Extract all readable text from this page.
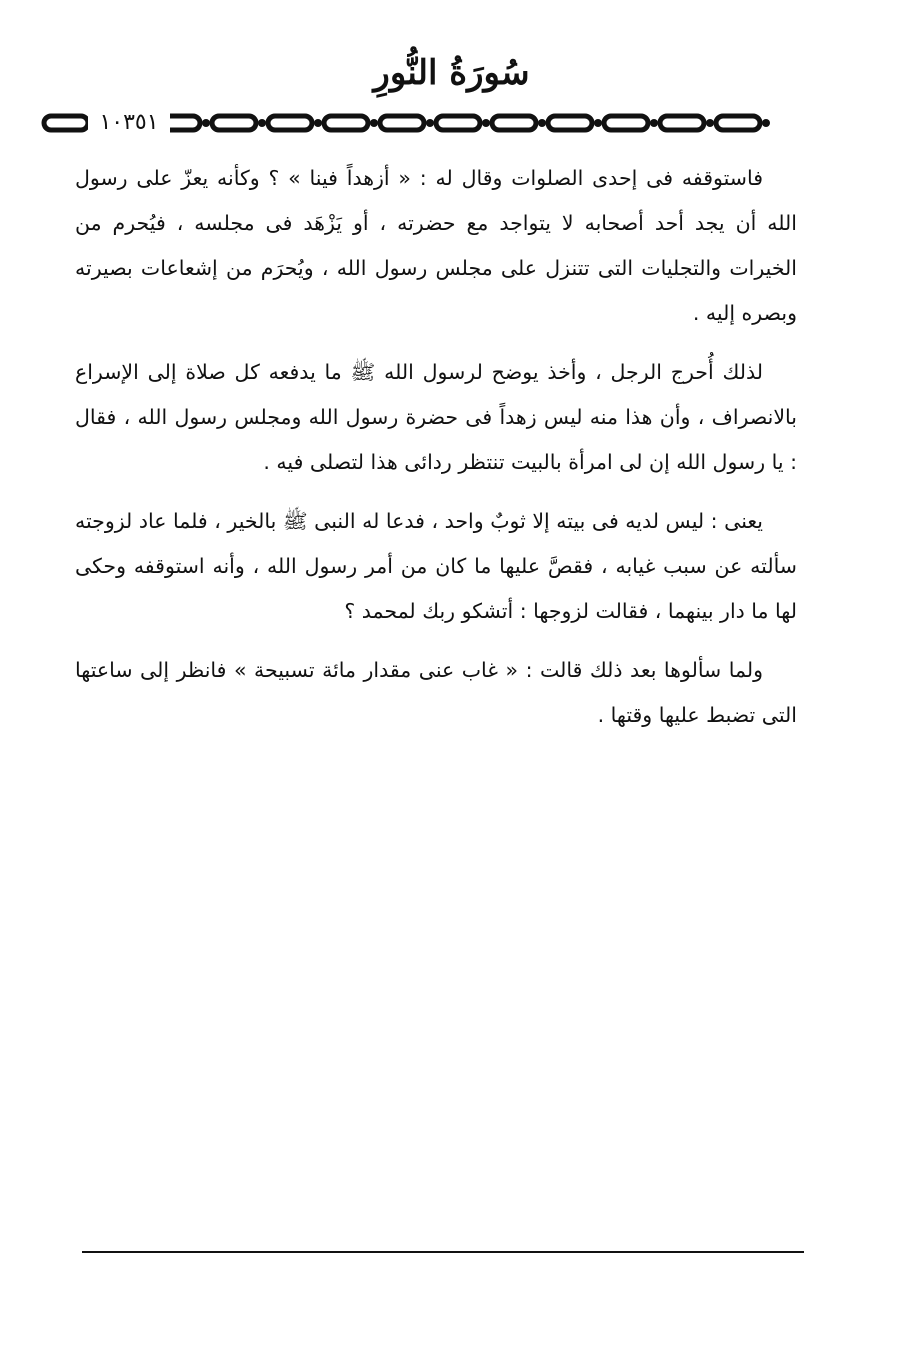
سُورَةُ النُّورِ
١٠٣٥١

فاستوقفه فى إحدى الصلوات وقال له : « أزهداً فينا » ؟ وكأنه يعزّ على رسول الله أن يجد أحد أصحابه لا يتواجد مع حضرته ، أو يَزْهَد فى مجلسه ، فيُحرم من الخيرات والتجليات التى تتنزل على مجلس رسول الله ، ويُحرَم من إشعاعات بصيرته وبصره إليه .

لذلك أُحرج الرجل ، وأخذ يوضح لرسول الله ﷺ ما يدفعه كل صلاة إلى الإسراع بالانصراف ، وأن هذا منه ليس زهداً فى حضرة رسول الله ومجلس رسول الله ، فقال : يا رسول الله إن لى امرأة بالبيت تنتظر ردائى هذا لتصلى فيه .

يعنى : ليس لديه فى بيته إلا ثوبٌ واحد ، فدعا له النبى ﷺ بالخير ، فلما عاد لزوجته سألته عن سبب غيابه ، فقصَّ عليها ما كان من أمر رسول الله ، وأنه استوقفه وحكى لها ما دار بينهما ، فقالت لزوجها : أتشكو ربك لمحمد ؟

ولما سألوها بعد ذلك قالت : « غاب عنى مقدار مائة تسبيحة » فانظر إلى ساعتها التى تضبط عليها وقتها .
